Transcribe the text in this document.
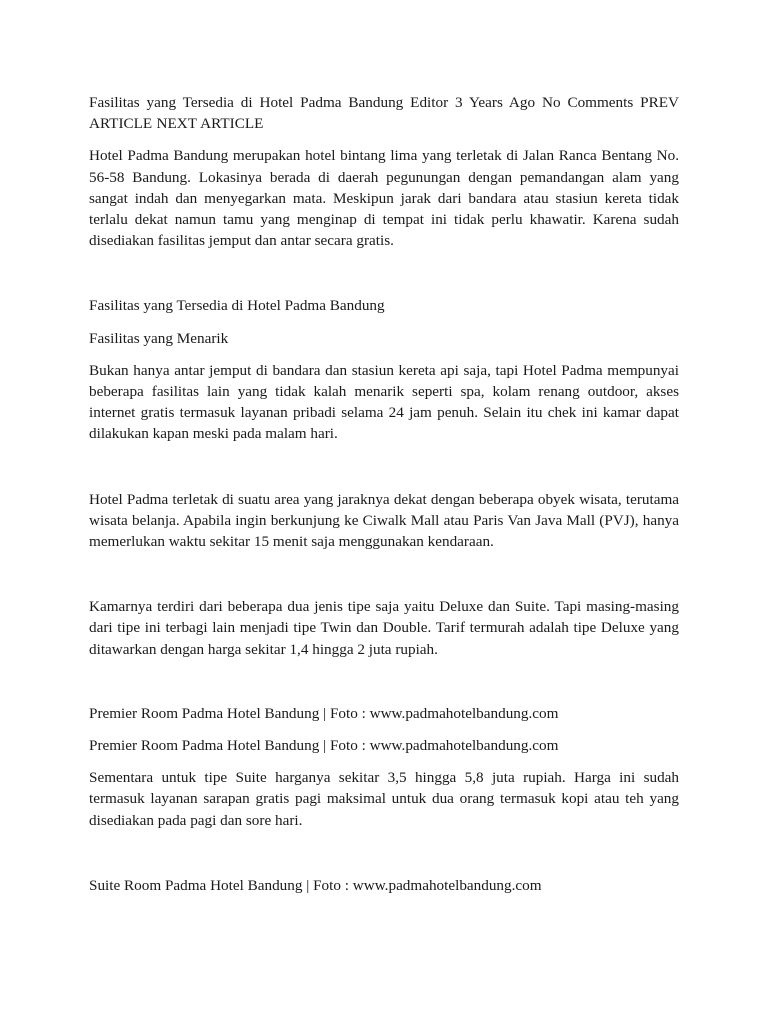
Fasilitas yang Tersedia di Hotel Padma Bandung Editor 3 Years Ago No Comments PREV ARTICLE NEXT ARTICLE

Hotel Padma Bandung merupakan hotel bintang lima yang terletak di Jalan Ranca Bentang No. 56-58 Bandung. Lokasinya berada di daerah pegunungan dengan pemandangan alam yang sangat indah dan menyegarkan mata. Meskipun jarak dari bandara atau stasiun kereta tidak terlalu dekat namun tamu yang menginap di tempat ini tidak perlu khawatir. Karena sudah disediakan fasilitas jemput dan antar secara gratis.

Fasilitas yang Tersedia di Hotel Padma Bandung

Fasilitas yang Menarik

Bukan hanya antar jemput di bandara dan stasiun kereta api saja, tapi Hotel Padma mempunyai beberapa fasilitas lain yang tidak kalah menarik seperti spa, kolam renang outdoor, akses internet gratis termasuk layanan pribadi selama 24 jam penuh. Selain itu chek ini kamar dapat dilakukan kapan meski pada malam hari.

Hotel Padma terletak di suatu area yang jaraknya dekat dengan beberapa obyek wisata, terutama wisata belanja. Apabila ingin berkunjung ke Ciwalk Mall atau Paris Van Java Mall (PVJ), hanya memerlukan waktu sekitar 15 menit saja menggunakan kendaraan.

Kamarnya terdiri dari beberapa dua jenis tipe saja yaitu Deluxe dan Suite. Tapi masing-masing dari tipe ini terbagi lain menjadi tipe Twin dan Double. Tarif termurah adalah tipe Deluxe yang ditawarkan dengan harga sekitar 1,4 hingga 2 juta rupiah.

Premier Room Padma Hotel Bandung | Foto : www.padmahotelbandung.com

Premier Room Padma Hotel Bandung | Foto : www.padmahotelbandung.com

Sementara untuk tipe Suite harganya sekitar 3,5 hingga 5,8 juta rupiah. Harga ini sudah termasuk layanan sarapan gratis pagi maksimal untuk dua orang termasuk kopi atau teh yang disediakan pada pagi dan sore hari.

Suite Room Padma Hotel Bandung | Foto : www.padmahotelbandung.com
